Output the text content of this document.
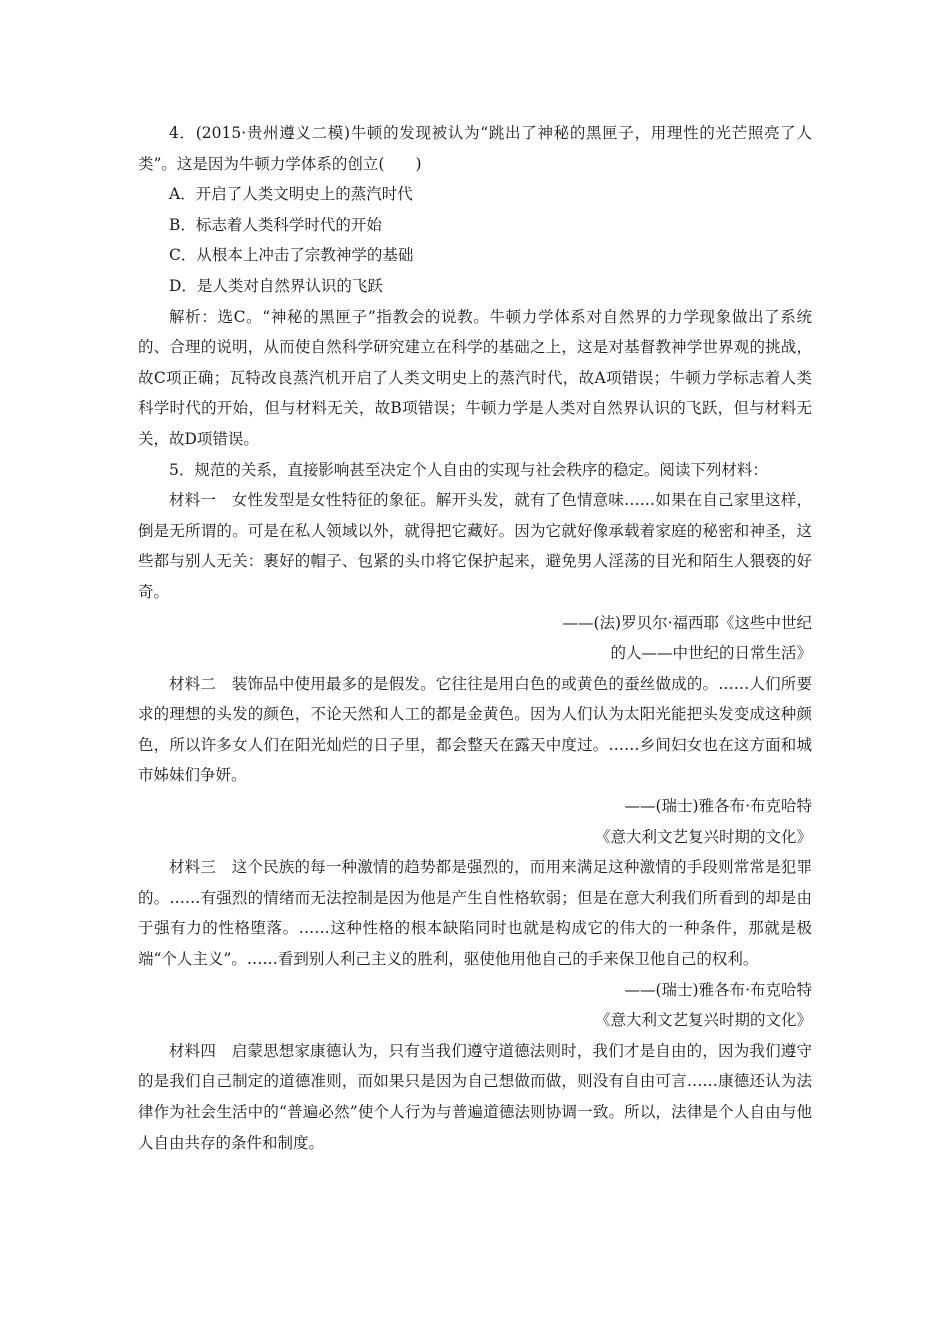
4．(2015·贵州遵义二模)牛顿的发现被认为“跳出了神秘的黑匣子，用理性的光芒照亮了人类”。这是因为牛顿力学体系的创立(　　)

A．开启了人类文明史上的蒸汽时代

B．标志着人类科学时代的开始

C．从根本上冲击了宗教神学的基础

D．是人类对自然界认识的飞跃

解析：选C。“神秘的黑匣子”指教会的说教。牛顿力学体系对自然界的力学现象做出了系统的、合理的说明，从而使自然科学研究建立在科学的基础之上，这是对基督教神学世界观的挑战，故C项正确；瓦特改良蒸汽机开启了人类文明史上的蒸汽时代，故A项错误；牛顿力学标志着人类科学时代的开始，但与材料无关，故B项错误；牛顿力学是人类对自然界认识的飞跃，但与材料无关，故D项错误。

5．规范的关系，直接影响甚至决定个人自由的实现与社会秩序的稳定。阅读下列材料：

材料一　女性发型是女性特征的象征。解开头发，就有了色情意味……如果在自己家里这样，倒是无所谓的。可是在私人领域以外，就得把它藏好。因为它就好像承载着家庭的秘密和神圣，这些都与别人无关：裹好的帽子、包紧的头巾将它保护起来，避免男人淫荡的目光和陌生人猥亵的好奇。

——(法)罗贝尔·福西耶《这些中世纪

的人——中世纪的日常生活》

材料二　装饰品中使用最多的是假发。它往往是用白色的或黄色的蚕丝做成的。……人们所要求的理想的头发的颜色，不论天然和人工的都是金黄色。因为人们认为太阳光能把头发变成这种颜色，所以许多女人们在阳光灿烂的日子里，都会整天在露天中度过。……乡间妇女也在这方面和城市姊妹们争妍。

——(瑞士)雅各布·布克哈特

《意大利文艺复兴时期的文化》

材料三　这个民族的每一种激情的趋势都是强烈的，而用来满足这种激情的手段则常常是犯罪的。……有强烈的情绪而无法控制是因为他是产生自性格软弱；但是在意大利我们所看到的却是由于强有力的性格堕落。……这种性格的根本缺陷同时也就是构成它的伟大的一种条件，那就是极端“个人主义”。……看到别人利己主义的胜利，驱使他用他自己的手来保卫他自己的权利。

——(瑞士)雅各布·布克哈特

《意大利文艺复兴时期的文化》

材料四　启蒙思想家康德认为，只有当我们遵守道德法则时，我们才是自由的，因为我们遵守的是我们自己制定的道德准则，而如果只是因为自己想做而做，则没有自由可言……康德还认为法律作为社会生活中的“普遍必然”使个人行为与普遍道德法则协调一致。所以，法律是个人自由与他人自由共存的条件和制度。
